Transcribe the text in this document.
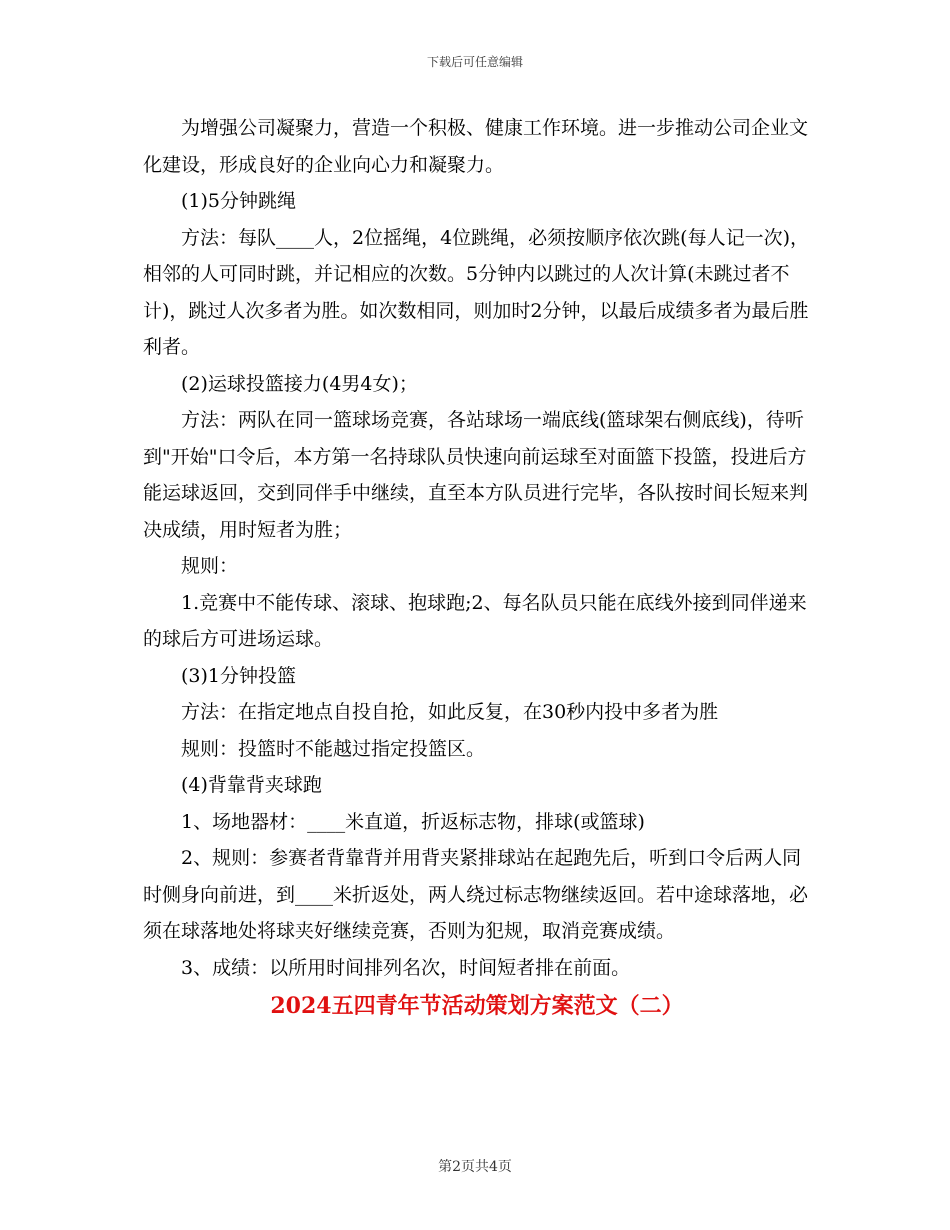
下载后可任意编辑

为增强公司凝聚力，营造一个积极、健康工作环境。进一步推动公司企业文化建设，形成良好的企业向心力和凝聚力。

(1)5分钟跳绳

方法：每队____人，2位摇绳，4位跳绳，必须按顺序依次跳(每人记一次)，相邻的人可同时跳，并记相应的次数。5分钟内以跳过的人次计算(未跳过者不计)，跳过人次多者为胜。如次数相同，则加时2分钟，以最后成绩多者为最后胜利者。

(2)运球投篮接力(4男4女)；

方法：两队在同一篮球场竞赛，各站球场一端底线(篮球架右侧底线)，待听到"开始"口令后，本方第一名持球队员快速向前运球至对面篮下投篮，投进后方能运球返回，交到同伴手中继续，直至本方队员进行完毕，各队按时间长短来判决成绩，用时短者为胜；

规则：

1.竞赛中不能传球、滚球、抱球跑;2、每名队员只能在底线外接到同伴递来的球后方可进场运球。

(3)1分钟投篮

方法：在指定地点自投自抢，如此反复，在30秒内投中多者为胜

规则：投篮时不能越过指定投篮区。

(4)背靠背夹球跑

1、场地器材：____米直道，折返标志物，排球(或篮球)

2、规则：参赛者背靠背并用背夹紧排球站在起跑先后，听到口令后两人同时侧身向前进，到____米折返处，两人绕过标志物继续返回。若中途球落地，必须在球落地处将球夹好继续竞赛，否则为犯规，取消竞赛成绩。

3、成绩：以所用时间排列名次，时间短者排在前面。

2024五四青年节活动策划方案范文（二）

第2页共4页
